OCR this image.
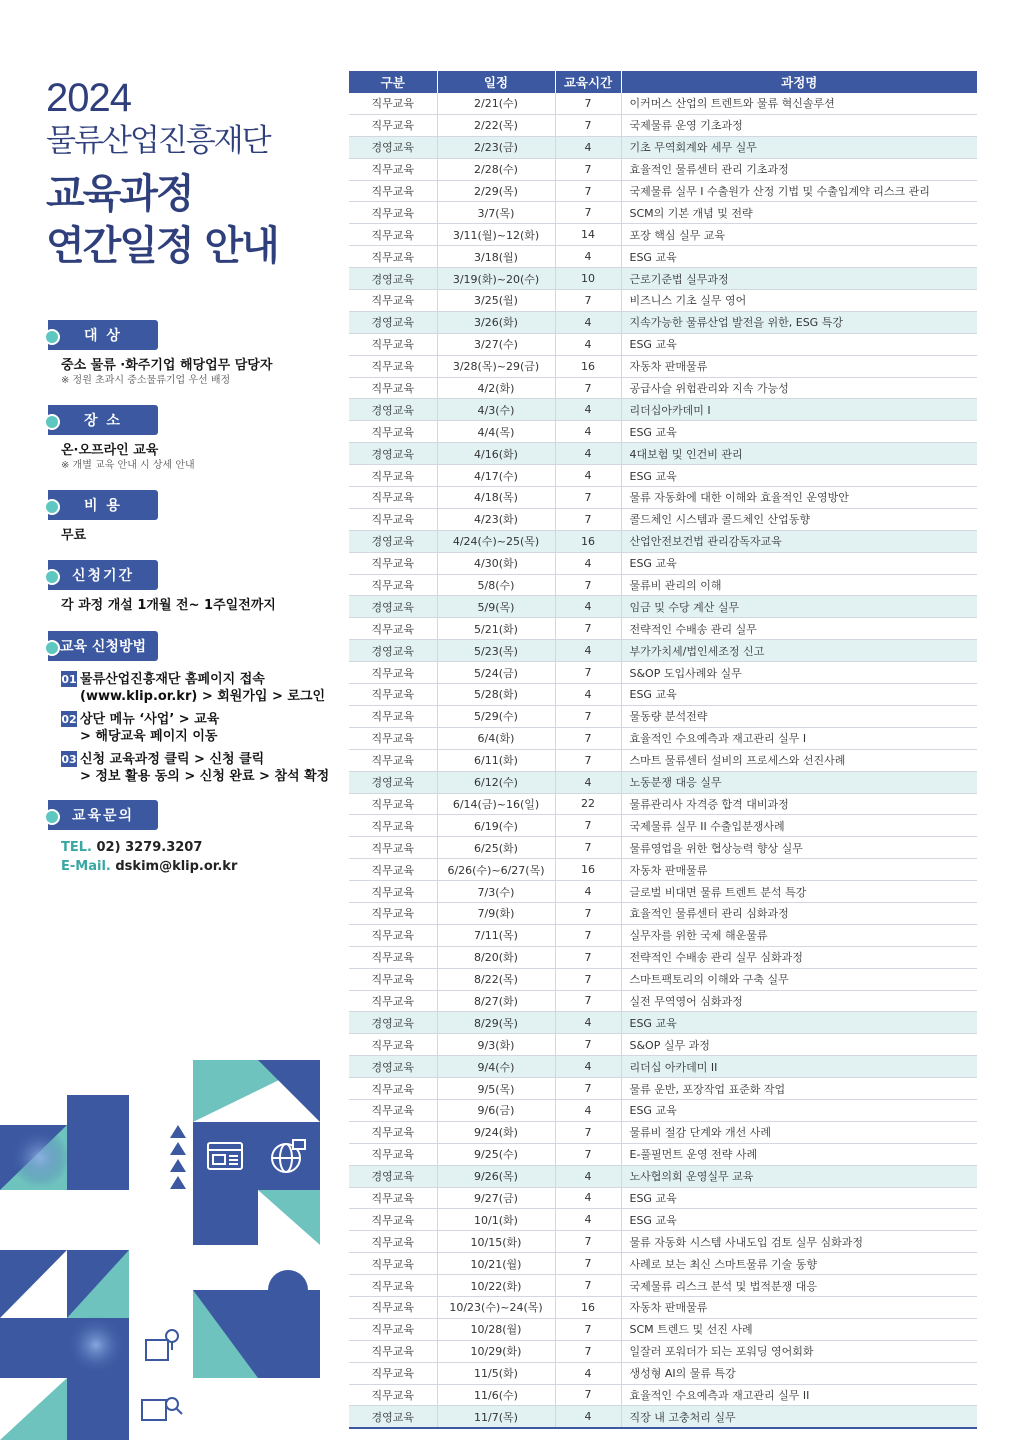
2024
물류산업진흥재단
교육과정
연간일정 안내
대 상
중소 물류 ·화주기업 해당업무 담당자
※ 정원 초과시 중소물류기업 우선 배정
장 소
온·오프라인 교육
※ 개별 교육 안내 시 상세 안내
비 용
무료
신청기간
각 과정 개설 1개월 전~ 1주일전까지
교육 신청방법
01 물류산업진흥재단 홈페이지 접속
(www.klip.or.kr) > 회원가입 > 로그인
02 상단 메뉴 ‘사업’ > 교육
> 해당교육 페이지 이동
03 신청 교육과정 클릭 > 신청 클릭
> 정보 활용 동의 > 신청 완료 > 참석 확정
교육문의
TEL. 02) 3279.3207
E-Mail. dskim@klip.or.kr
구분	일정	교육시간	과정명
직무교육	2/21(수)	7	이커머스 산업의 트렌트와 물류 혁신솔루션
직무교육	2/22(목)	7	국제물류 운영 기초과정
경영교육	2/23(금)	4	기초 무역회계와 세무 실무
직무교육	2/28(수)	7	효율적인 물류센터 관리 기초과정
직무교육	2/29(목)	7	국제물류 실무 I 수출원가 산정 기법 및 수출입계약 리스크 관리
직무교육	3/7(목)	7	SCM의 기본 개념 및 전략
직무교육	3/11(월)~12(화)	14	포장 핵심 실무 교육
직무교육	3/18(월)	4	ESG 교육
경영교육	3/19(화)~20(수)	10	근로기준법 실무과정
직무교육	3/25(월)	7	비즈니스 기초 실무 영어
경영교육	3/26(화)	4	지속가능한 물류산업 발전을 위한, ESG 특강
직무교육	3/27(수)	4	ESG 교육
직무교육	3/28(목)~29(금)	16	자동차 판매물류
직무교육	4/2(화)	7	공급사슬 위험관리와 지속 가능성
경영교육	4/3(수)	4	리더십아카데미 I
직무교육	4/4(목)	4	ESG 교육
경영교육	4/16(화)	4	4대보험 및 인건비 관리
직무교육	4/17(수)	4	ESG 교육
직무교육	4/18(목)	7	물류 자동화에 대한 이해와 효율적인 운영방안
직무교육	4/23(화)	7	콜드체인 시스템과 콜드체인 산업동향
경영교육	4/24(수)~25(목)	16	산업안전보건법 관리감독자교육
직무교육	4/30(화)	4	ESG 교육
직무교육	5/8(수)	7	물류비 관리의 이해
경영교육	5/9(목)	4	임금 및 수당 계산 실무
직무교육	5/21(화)	7	전략적인 수배송 관리 실무
경영교육	5/23(목)	4	부가가치세/법인세조정 신고
직무교육	5/24(금)	7	S&OP 도입사례와 실무
직무교육	5/28(화)	4	ESG 교육
직무교육	5/29(수)	7	물동량 분석전략
직무교육	6/4(화)	7	효율적인 수요예측과 재고관리 실무 I
직무교육	6/11(화)	7	스마트 물류센터 설비의 프로세스와 선진사례
경영교육	6/12(수)	4	노동분쟁 대응 실무
직무교육	6/14(금)~16(일)	22	물류관리사 자격증 합격 대비과정
직무교육	6/19(수)	7	국제물류 실무 II 수출입분쟁사례
직무교육	6/25(화)	7	물류영업을 위한 협상능력 향상 실무
직무교육	6/26(수)~6/27(목)	16	자동차 판매물류
직무교육	7/3(수)	4	글로벌 비대면 물류 트렌트 분석 특강
직무교육	7/9(화)	7	효율적인 물류센터 관리 심화과정
직무교육	7/11(목)	7	실무자를 위한 국제 해운물류
직무교육	8/20(화)	7	전략적인 수배송 관리 실무 심화과정
직무교육	8/22(목)	7	스마트팩토리의 이해와 구축 실무
직무교육	8/27(화)	7	실전 무역영어 심화과정
경영교육	8/29(목)	4	ESG 교육
직무교육	9/3(화)	7	S&OP 실무 과정
경영교육	9/4(수)	4	리더십 아카데미 II
직무교육	9/5(목)	7	물류 운반, 포장작업 표준화 작업
직무교육	9/6(금)	4	ESG 교육
직무교육	9/24(화)	7	물류비 절감 단계와 개선 사례
직무교육	9/25(수)	7	E-풀필먼트 운영 전략 사례
경영교육	9/26(목)	4	노사협의회 운영실무 교육
직무교육	9/27(금)	4	ESG 교육
직무교육	10/1(화)	4	ESG 교육
직무교육	10/15(화)	7	물류 자동화 시스템 사내도입 검토 실무 심화과정
직무교육	10/21(월)	7	사례로 보는 최신 스마트물류 기술 동향
직무교육	10/22(화)	7	국제물류 리스크 분석 및 법적분쟁 대응
직무교육	10/23(수)~24(목)	16	자동차 판매물류
직무교육	10/28(월)	7	SCM 트렌드 및 선진 사례
직무교육	10/29(화)	7	일잘러 포워더가 되는 포워딩 영어회화
직무교육	11/5(화)	4	생성형 AI의 물류 특강
직무교육	11/6(수)	7	효율적인 수요예측과 재고관리 실무 II
경영교육	11/7(목)	4	직장 내 고충처리 실무
